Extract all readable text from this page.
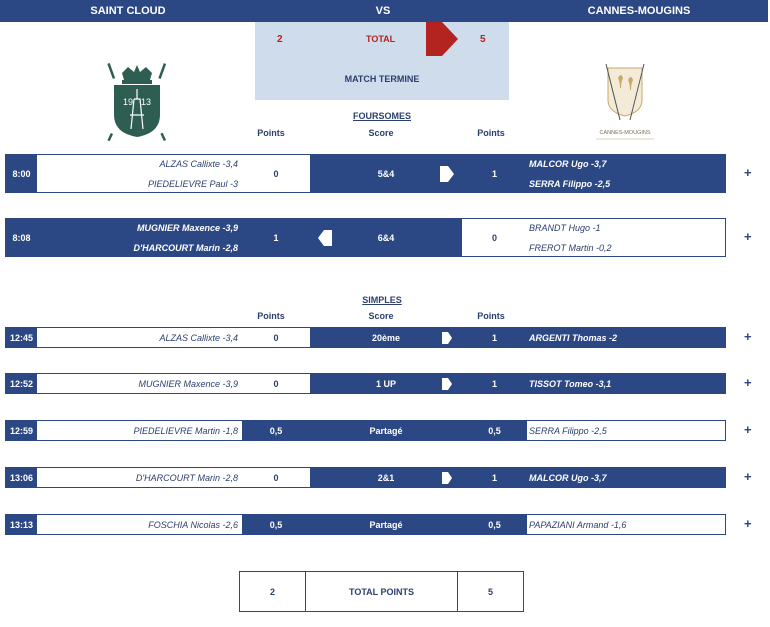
SAINT CLOUD	VS	CANNES-MOUGINS
2	TOTAL	5
MATCH TERMINE
19 13
CANNES-MOUGINS
FOURSOMES
Points	Score	Points
8:00
ALZAS Callixte -3,4
PIEDELIEVRE Paul -3
0	5&4	1
MALCOR Ugo -3,7
SERRA Filippo -2,5
+
8:08
MUGNIER Maxence -3,9
D'HARCOURT Marin -2,8
1	6&4	0
BRANDT Hugo -1
FREROT Martin -0,2
+
SIMPLES
Points	Score	Points
12:45	ALZAS Callixte -3,4	0	20ème	1	ARGENTI Thomas -2	+
12:52	MUGNIER Maxence -3,9	0	1 UP	1	TISSOT Tomeo -3,1	+
12:59	PIEDELIEVRE Martin -1,8	0,5	Partagé	0,5	SERRA Filippo -2,5	+
13:06	D'HARCOURT Marin -2,8	0	2&1	1	MALCOR Ugo -3,7	+
13:13	FOSCHIA Nicolas -2,6	0,5	Partagé	0,5	PAPAZIANI Armand -1,6	+
2	TOTAL POINTS	5
